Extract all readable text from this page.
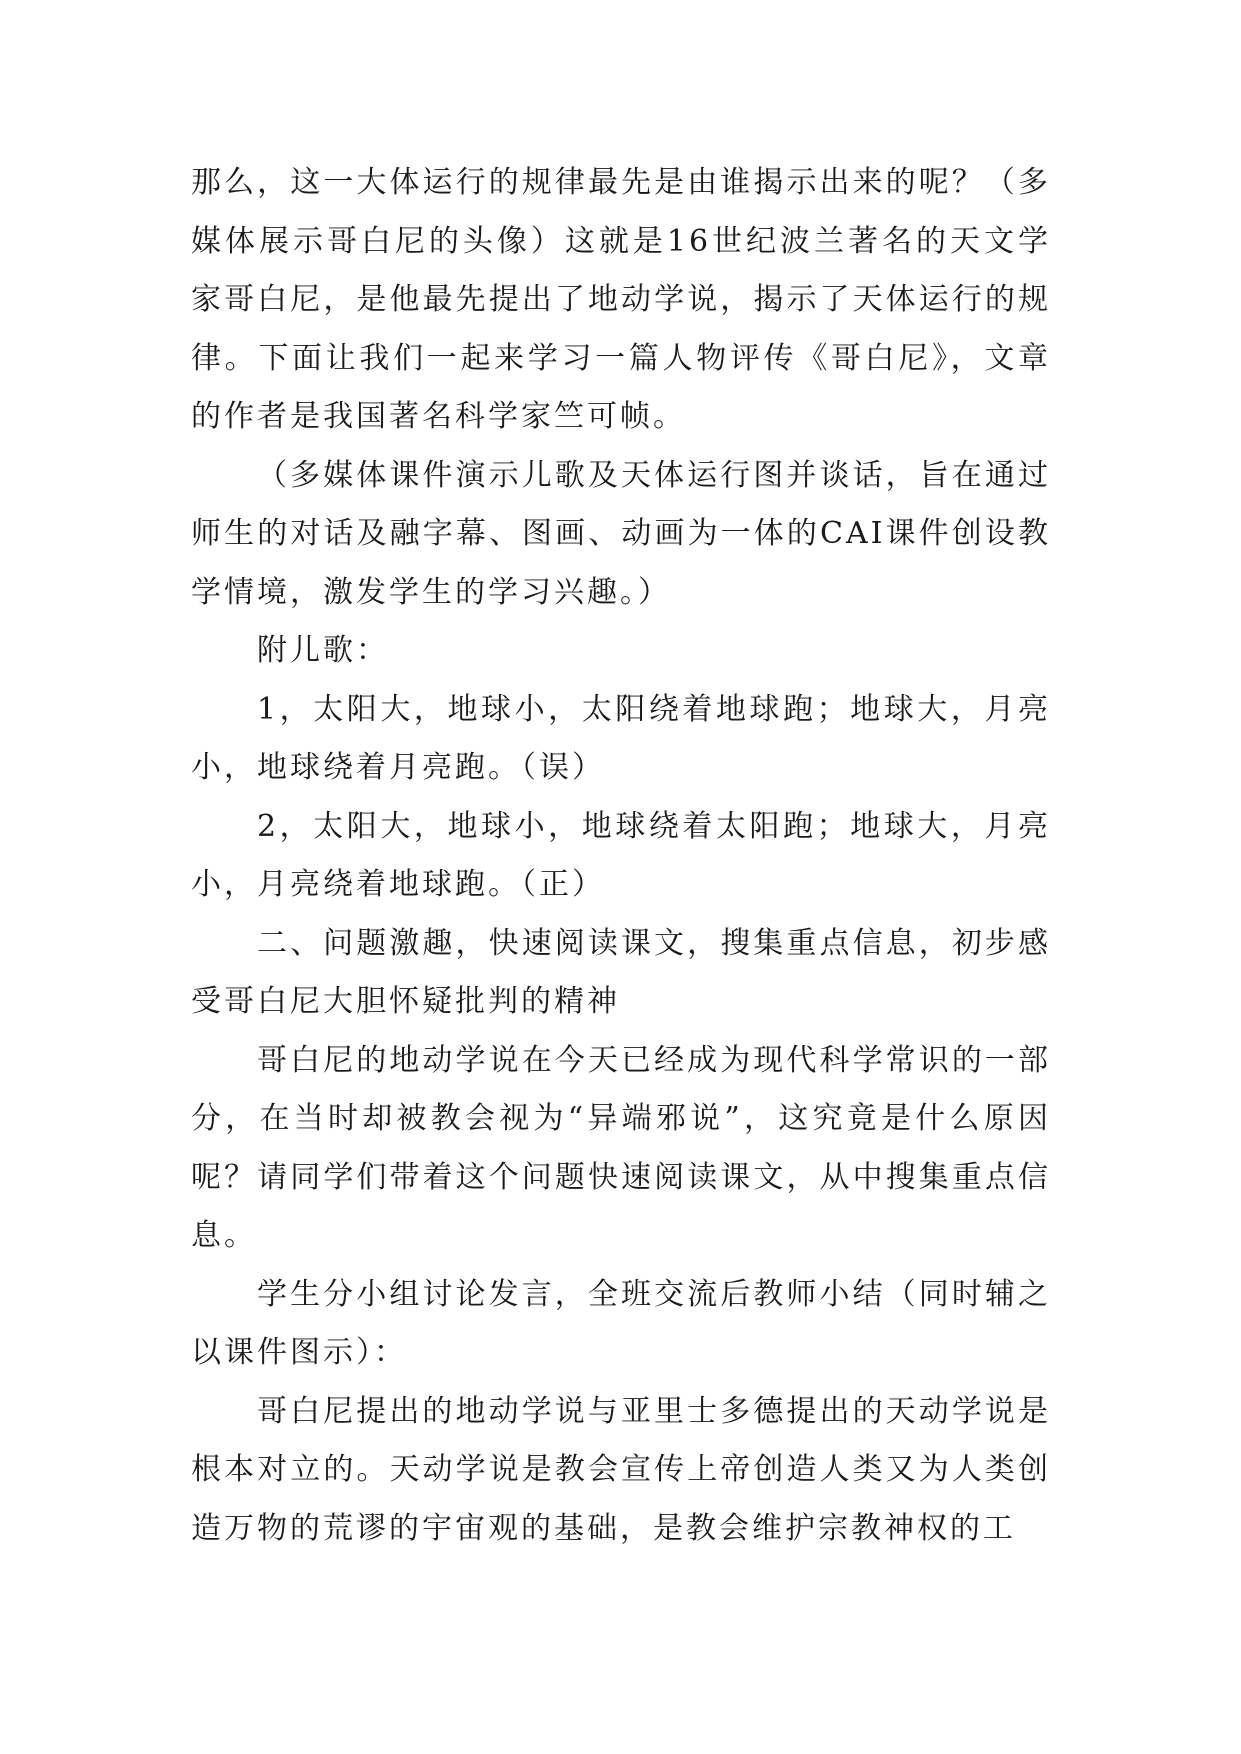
那么，这一大体运行的规律最先是由谁揭示出来的呢？（多媒体展示哥白尼的头像）这就是16世纪波兰著名的天文学家哥白尼，是他最先提出了地动学说，揭示了天体运行的规律。下面让我们一起来学习一篇人物评传《哥白尼》，文章的作者是我国著名科学家竺可帧。

（多媒体课件演示儿歌及天体运行图并谈话，旨在通过师生的对话及融字幕、图画、动画为一体的CAI课件创设教学情境，激发学生的学习兴趣。）

附儿歌：

1，太阳大，地球小，太阳绕着地球跑；地球大，月亮小，地球绕着月亮跑。（误）

2，太阳大，地球小，地球绕着太阳跑；地球大，月亮小，月亮绕着地球跑。（正）

二、问题激趣，快速阅读课文，搜集重点信息，初步感受哥白尼大胆怀疑批判的精神

哥白尼的地动学说在今天已经成为现代科学常识的一部分，在当时却被教会视为“异端邪说”，这究竟是什么原因呢？请同学们带着这个问题快速阅读课文，从中搜集重点信息。

学生分小组讨论发言，全班交流后教师小结（同时辅之以课件图示）：

哥白尼提出的地动学说与亚里士多德提出的天动学说是根本对立的。天动学说是教会宣传上帝创造人类又为人类创造万物的荒谬的宇宙观的基础，是教会维护宗教神权的工
